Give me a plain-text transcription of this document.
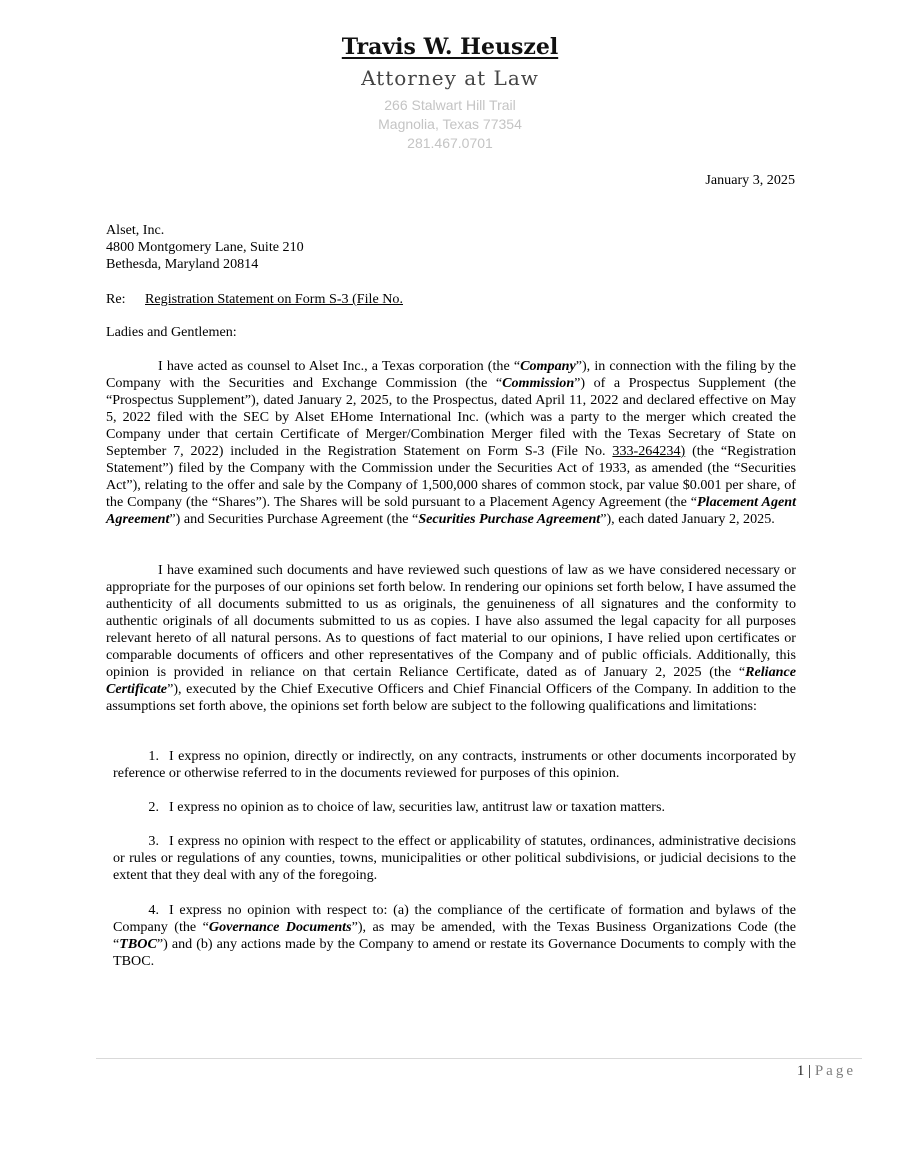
Travis W. Heuszel
Attorney at Law
266 Stalwart Hill Trail
Magnolia, Texas 77354
281.467.0701
January 3, 2025
Alset, Inc.
4800 Montgomery Lane, Suite 210
Bethesda, Maryland 20814
Re: Registration Statement on Form S-3 (File No.
Ladies and Gentlemen:

I have acted as counsel to Alset Inc., a Texas corporation (the “Company”), in connection with the filing by the Company with the Securities and Exchange Commission (the “Commission”) of a Prospectus Supplement (the “Prospectus Supplement”), dated January 2, 2025, to the Prospectus, dated April 11, 2022 and declared effective on May 5, 2022 filed with the SEC by Alset EHome International Inc. (which was a party to the merger which created the Company under that certain Certificate of Merger/Combination Merger filed with the Texas Secretary of State on September 7, 2022) included in the Registration Statement on Form S-3 (File No. 333-264234) (the “Registration Statement”) filed by the Company with the Commission under the Securities Act of 1933, as amended (the “Securities Act”), relating to the offer and sale by the Company of 1,500,000 shares of common stock, par value $0.001 per share, of the Company (the “Shares”). The Shares will be sold pursuant to a Placement Agency Agreement (the “Placement Agent Agreement”) and Securities Purchase Agreement (the “Securities Purchase Agreement”), each dated January 2, 2025.

I have examined such documents and have reviewed such questions of law as we have considered necessary or appropriate for the purposes of our opinions set forth below. In rendering our opinions set forth below, I have assumed the authenticity of all documents submitted to us as originals, the genuineness of all signatures and the conformity to authentic originals of all documents submitted to us as copies. I have also assumed the legal capacity for all purposes relevant hereto of all natural persons. As to questions of fact material to our opinions, I have relied upon certificates or comparable documents of officers and other representatives of the Company and of public officials. Additionally, this opinion is provided in reliance on that certain Reliance Certificate, dated as of January 2, 2025 (the “Reliance Certificate”), executed by the Chief Executive Officers and Chief Financial Officers of the Company. In addition to the assumptions set forth above, the opinions set forth below are subject to the following qualifications and limitations:

1. I express no opinion, directly or indirectly, on any contracts, instruments or other documents incorporated by reference or otherwise referred to in the documents reviewed for purposes of this opinion.

2. I express no opinion as to choice of law, securities law, antitrust law or taxation matters.

3. I express no opinion with respect to the effect or applicability of statutes, ordinances, administrative decisions or rules or regulations of any counties, towns, municipalities or other political subdivisions, or judicial decisions to the extent that they deal with any of the foregoing.

4. I express no opinion with respect to: (a) the compliance of the certificate of formation and bylaws of the Company (the “Governance Documents”), as may be amended, with the Texas Business Organizations Code (the “TBOC”) and (b) any actions made by the Company to amend or restate its Governance Documents to comply with the TBOC.

1 | Page
